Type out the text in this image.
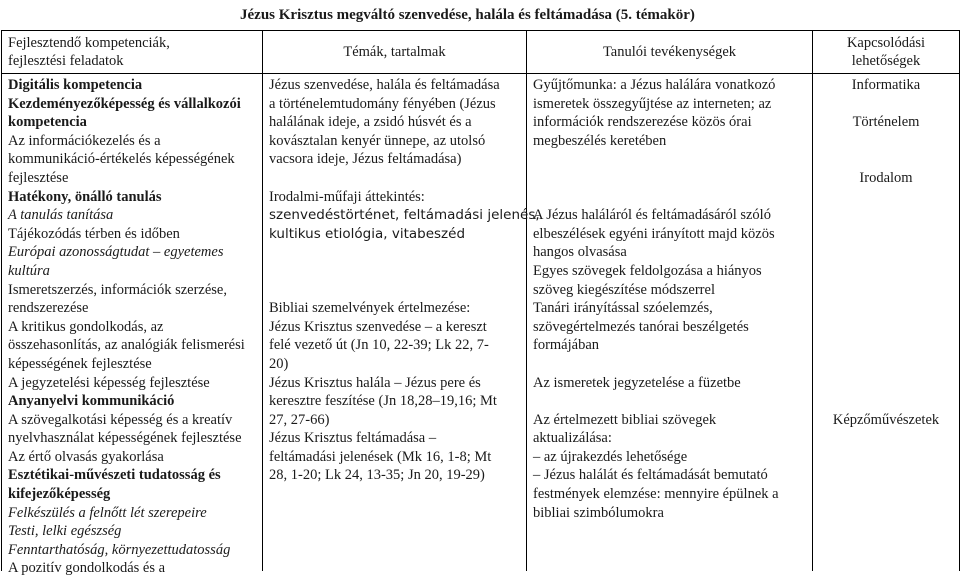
Jézus Krisztus megváltó szenvedése, halála és feltámadása (5. témakör)
Fejlesztendő kompetenciák,
fejlesztési feladatok
Digitális kompetencia
Kezdeményezőképesség és vállalkozói
kompetencia
Az információkezelés és a
kommunikáció-értékelés képességének
fejlesztése
Hatékony, önálló tanulás
A tanulás tanítása
Tájékozódás térben és időben
Európai azonosságtudat – egyetemes
kultúra
Ismeretszerzés, információk szerzése,
rendszerezése
A kritikus gondolkodás, az
összehasonlítás, az analógiák felismerési
képességének fejlesztése
A jegyzetelési képesség fejlesztése
Anyanyelvi kommunikáció
A szövegalkotási képesség és a kreatív
nyelvhasználat képességének fejlesztése
Az értő olvasás gyakorlása
Esztétikai-művészeti tudatosság és
kifejezőképesség
Felkészülés a felnőtt lét szerepeire
Testi, lelki egészség
Fenntarthatóság, környezettudatosság
A pozitív gondolkodás és a
Témák, tartalmak
Jézus szenvedése, halála és feltámadása
a történelemtudomány fényében (Jézus
halálának ideje, a zsidó húsvét és a
kovásztalan kenyér ünnepe, az utolsó
vacsora ideje, Jézus feltámadása)
Irodalmi-műfaji áttekintés:
szenvedéstörténet, feltámadási jelenés,
kultikus etiológia, vitabeszéd
Bibliai szemelvények értelmezése:
Jézus Krisztus szenvedése – a kereszt
felé vezető út (Jn 10, 22-39; Lk 22, 7-
20)
Jézus Krisztus halála – Jézus pere és
keresztre feszítése (Jn 18,28–19,16; Mt
27, 27-66)
Jézus Krisztus feltámadása –
feltámadási jelenések (Mk 16, 1-8; Mt
28, 1-20; Lk 24, 13-35; Jn 20, 19-29)
Tanulói tevékenységek
Gyűjtőmunka: a Jézus halálára vonatkozó
ismeretek összegyűjtése az interneten; az
információk rendszerezése közös órai
megbeszélés keretében
A Jézus haláláról és feltámadásáról szóló
elbeszélések egyéni irányított majd közös
hangos olvasása
Egyes szövegek feldolgozása a hiányos
szöveg kiegészítése módszerrel
Tanári irányítással szóelemzés,
szövegértelmezés tanórai beszélgetés
formájában
Az ismeretek jegyzetelése a füzetbe
Az értelmezett bibliai szövegek
aktualizálása:
– az újrakezdés lehetősége
– Jézus halálát és feltámadását bemutató
festmények elemzése: mennyire épülnek a
bibliai szimbólumokra
Kapcsolódási
lehetőségek
Informatika
Történelem
Irodalom
Képzőművészetek
